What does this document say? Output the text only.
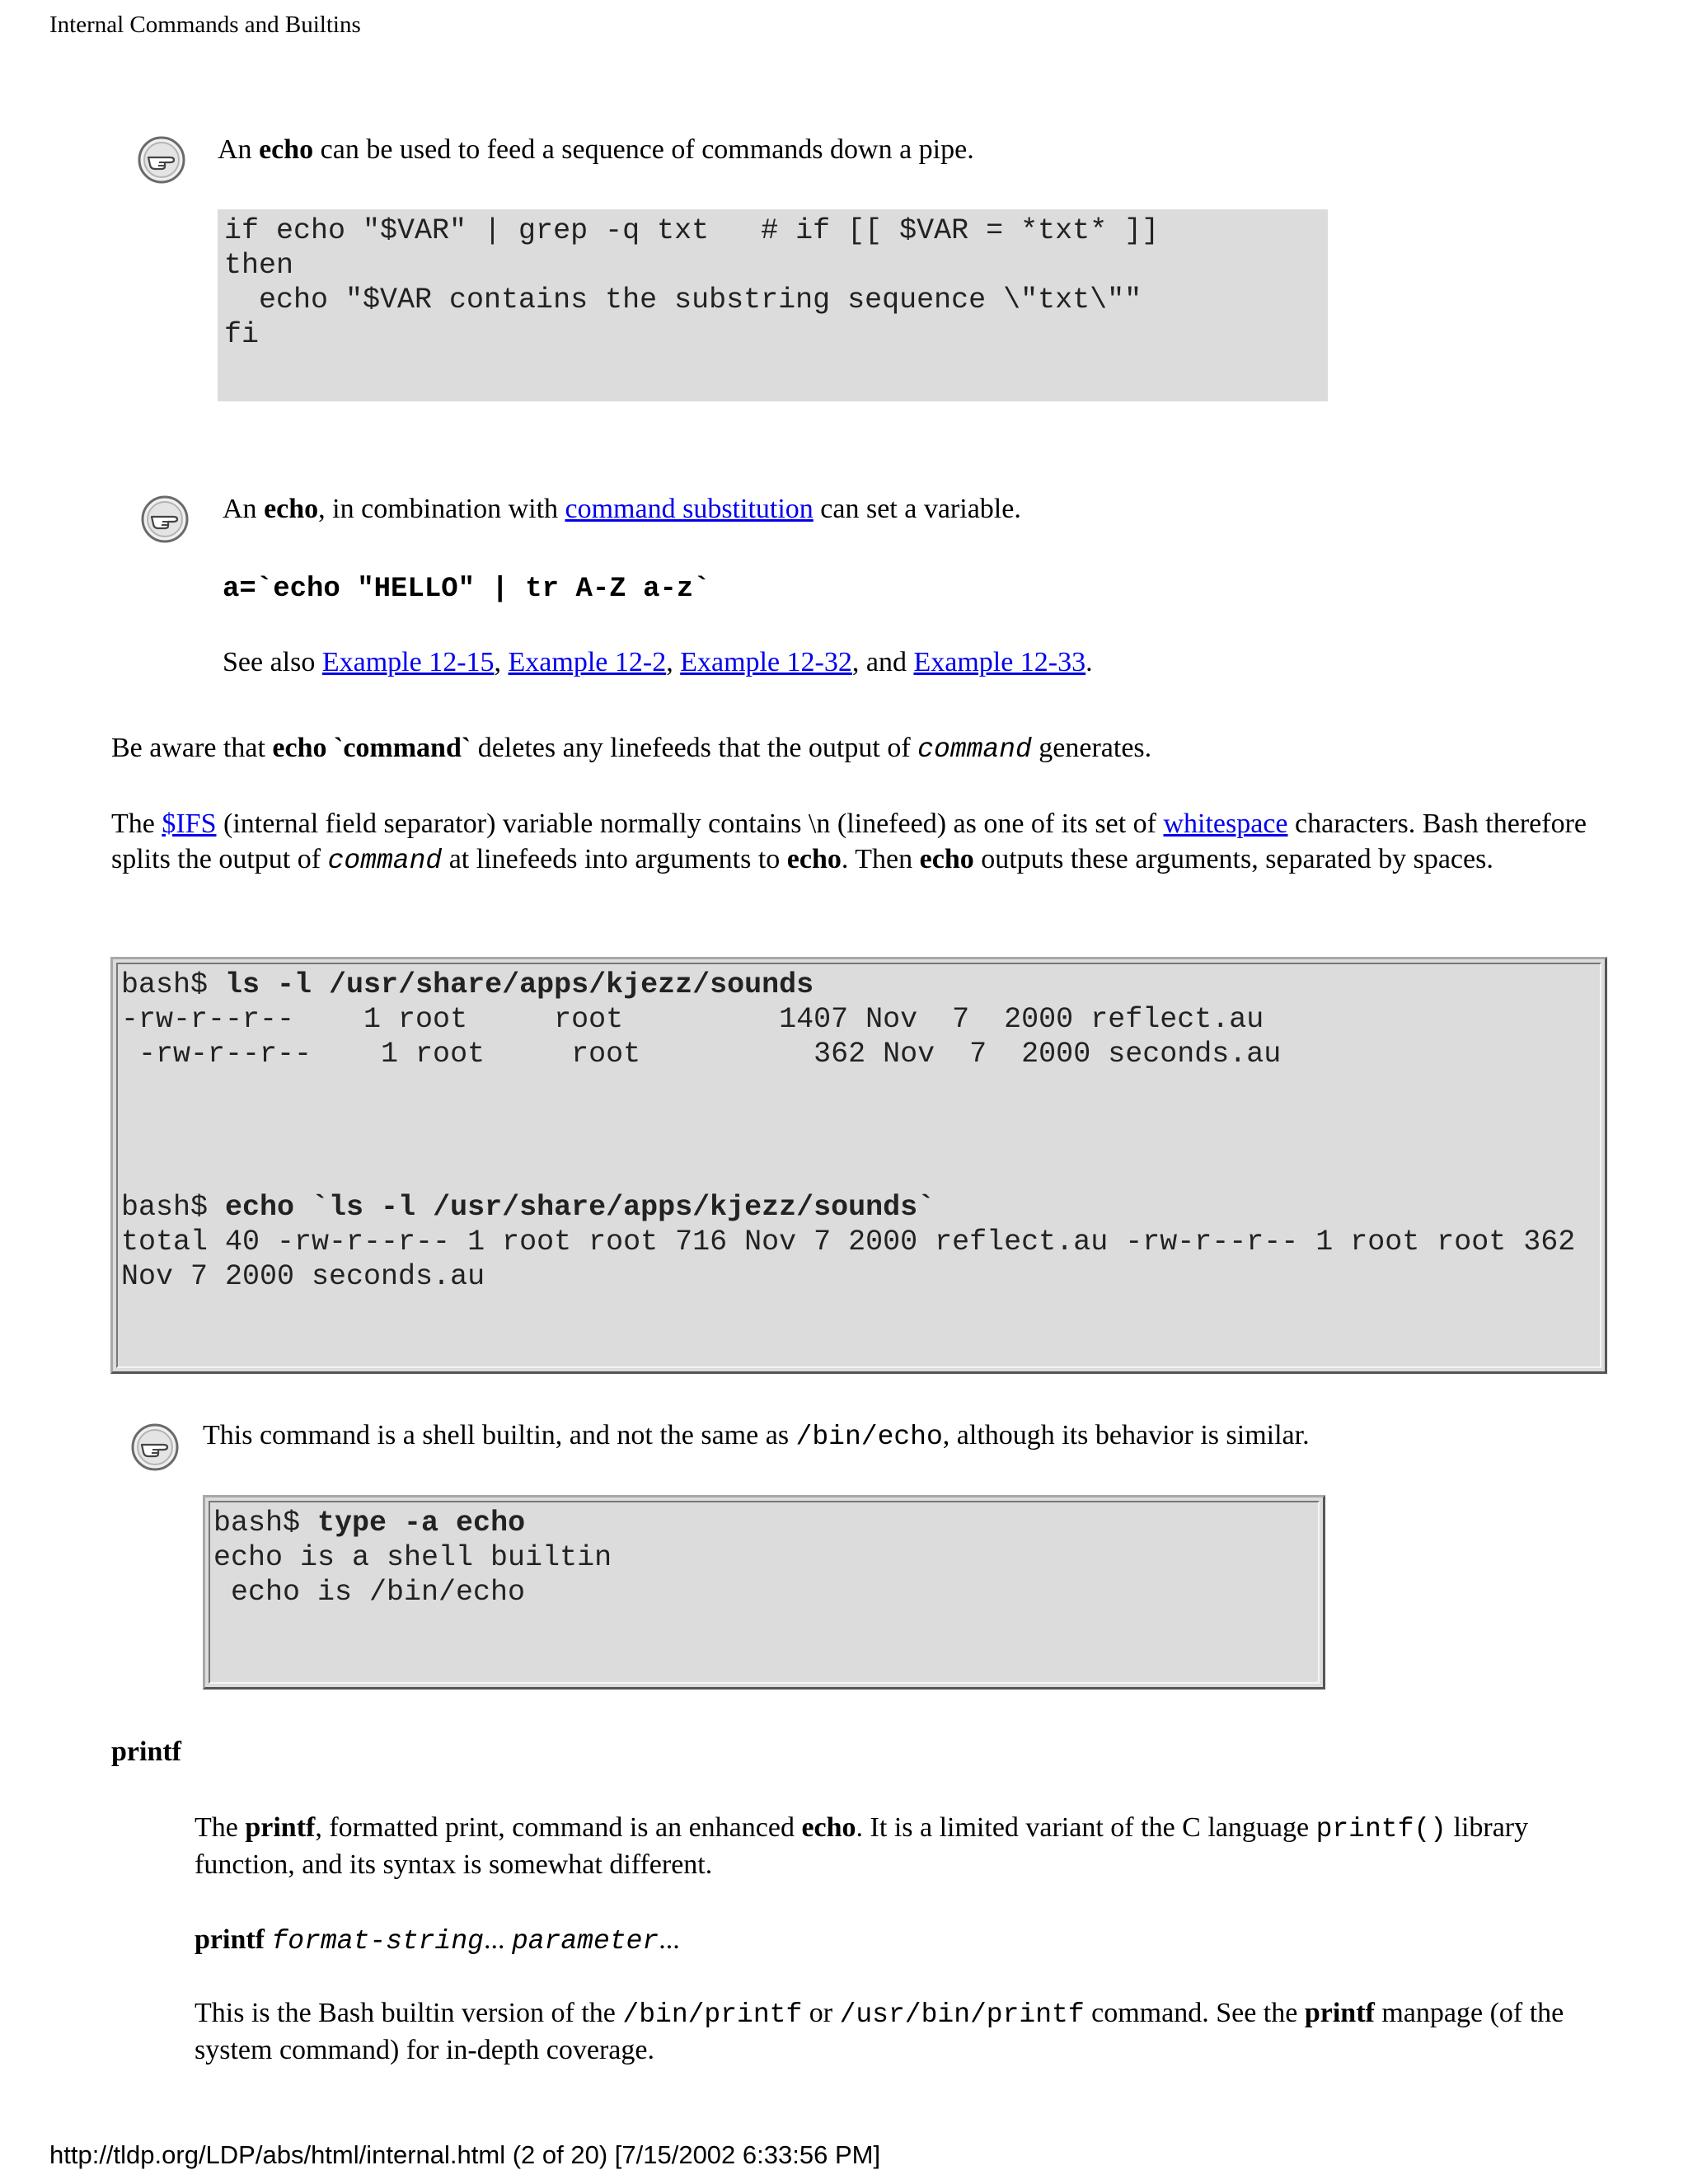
Internal Commands and Builtins
An echo can be used to feed a sequence of commands down a pipe.
if echo "$VAR" | grep -q txt   # if [[ $VAR = *txt* ]]
then
echo "$VAR contains the substring sequence \"txt\""
fi
An echo, in combination with command substitution can set a variable.
a=`echo "HELLO" | tr A-Z a-z`
See also Example 12-15, Example 12-2, Example 12-32, and Example 12-33.
Be aware that echo `command` deletes any linefeeds that the output of command generates.
The $IFS (internal field separator) variable normally contains \n (linefeed) as one of its set of whitespace characters. Bash therefore splits the output of command at linefeeds into arguments to echo. Then echo outputs these arguments, separated by spaces.
bash$ ls -l /usr/share/apps/kjezz/sounds
-rw-r--r--    1 root     root         1407 Nov  7  2000 reflect.au
-rw-r--r--    1 root     root          362 Nov  7  2000 seconds.au
bash$ echo `ls -l /usr/share/apps/kjezz/sounds`
total 40 -rw-r--r-- 1 root root 716 Nov 7 2000 reflect.au -rw-r--r-- 1 root root 362
Nov 7 2000 seconds.au
This command is a shell builtin, and not the same as /bin/echo, although its behavior is similar.
bash$ type -a echo
echo is a shell builtin
echo is /bin/echo
printf
The printf, formatted print, command is an enhanced echo. It is a limited variant of the C language printf() library function, and its syntax is somewhat different.
printf format-string... parameter...
This is the Bash builtin version of the /bin/printf or /usr/bin/printf command. See the printf manpage (of the system command) for in-depth coverage.
http://tldp.org/LDP/abs/html/internal.html (2 of 20) [7/15/2002 6:33:56 PM]
